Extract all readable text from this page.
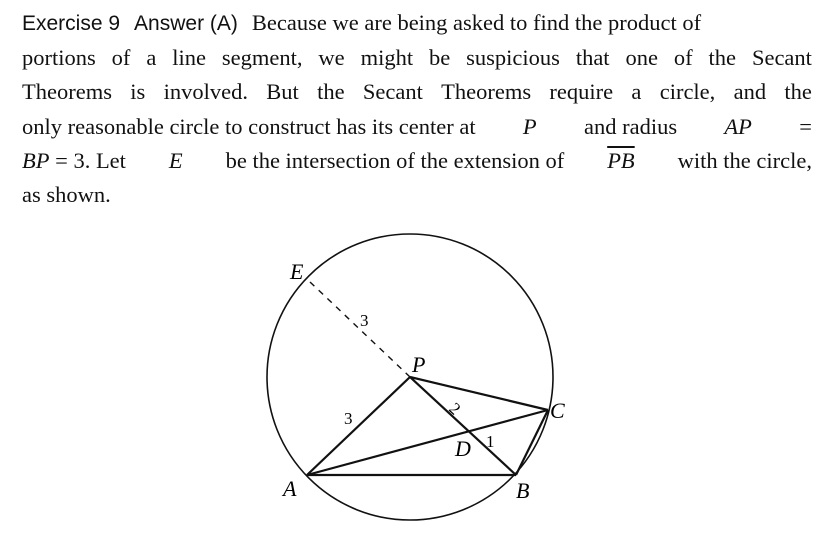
Exercise 9 Answer (A) Because we are being asked to find the product of
portions of a line segment, we might be suspicious that one of the Secant
Theorems is involved. But the Secant Theorems require a circle, and the
only reasonable circle to construct has its center at P and radius AP =
BP = 3. Let E be the intersection of the extension of $\overline{PB}$ with the circle,
as shown.
E
P
A	B
C
D
3
3	2
1
